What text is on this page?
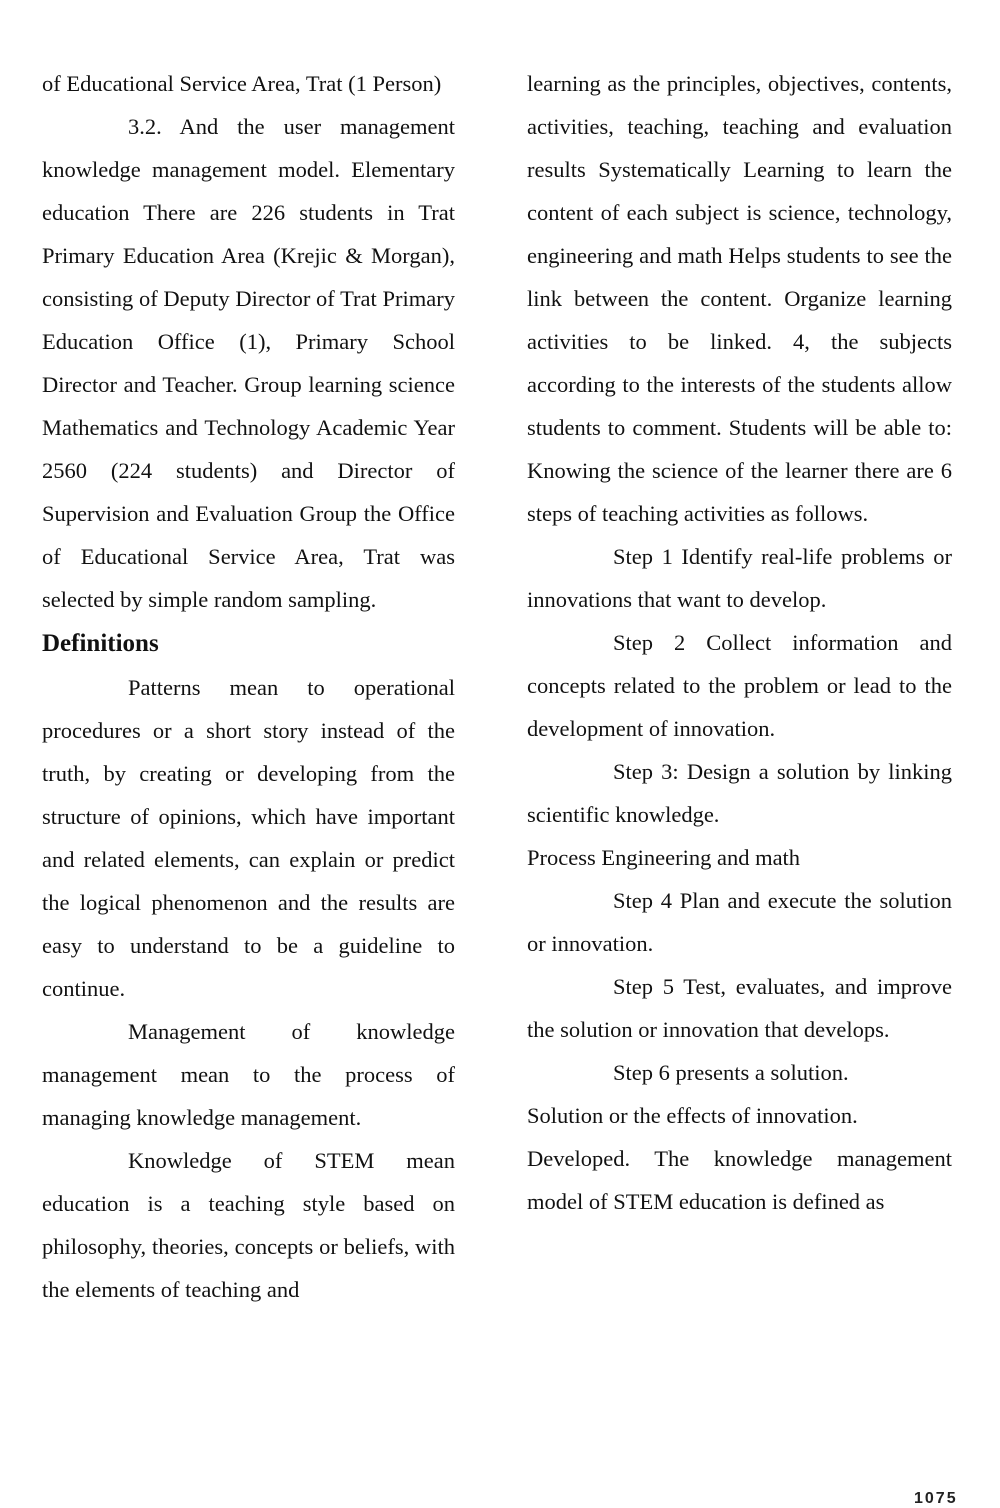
of Educational Service Area, Trat (1 Person)

3.2. And the user management knowledge management model. Elementary education There are 226 students in Trat Primary Education Area (Krejic & Morgan), consisting of Deputy Director of Trat Primary Education Office (1), Primary School Director and Teacher. Group learning science Mathematics and Technology Academic Year 2560 (224 students) and Director of Supervision and Evaluation Group the Office of Educational Service Area, Trat was selected by simple random sampling.

Definitions

Patterns mean to operational procedures or a short story instead of the truth, by creating or developing from the structure of opinions, which have important and related elements, can explain or predict the logical phenomenon and the results are easy to understand to be a guideline to continue.

Management of knowledge management mean to the process of managing knowledge management.

Knowledge of STEM mean education is a teaching style based on philosophy, theories, concepts or beliefs, with the elements of teaching and

learning as the principles, objectives, contents, activities, teaching, teaching and evaluation results Systematically Learning to learn the content of each subject is science, technology, engineering and math Helps students to see the link between the content. Organize learning activities to be linked. 4, the subjects according to the interests of the students allow students to comment. Students will be able to: Knowing the science of the learner there are 6 steps of teaching activities as follows.

Step 1 Identify real-life problems or innovations that want to develop.

Step 2 Collect information and concepts related to the problem or lead to the development of innovation.

Step 3: Design a solution by linking scientific knowledge.

Process Engineering and math

Step 4 Plan and execute the solution or innovation.

Step 5 Test, evaluates, and improve the solution or innovation that develops.

Step 6 presents a solution.

Solution or the effects of innovation.

Developed. The knowledge management model of STEM education is defined as

1075
